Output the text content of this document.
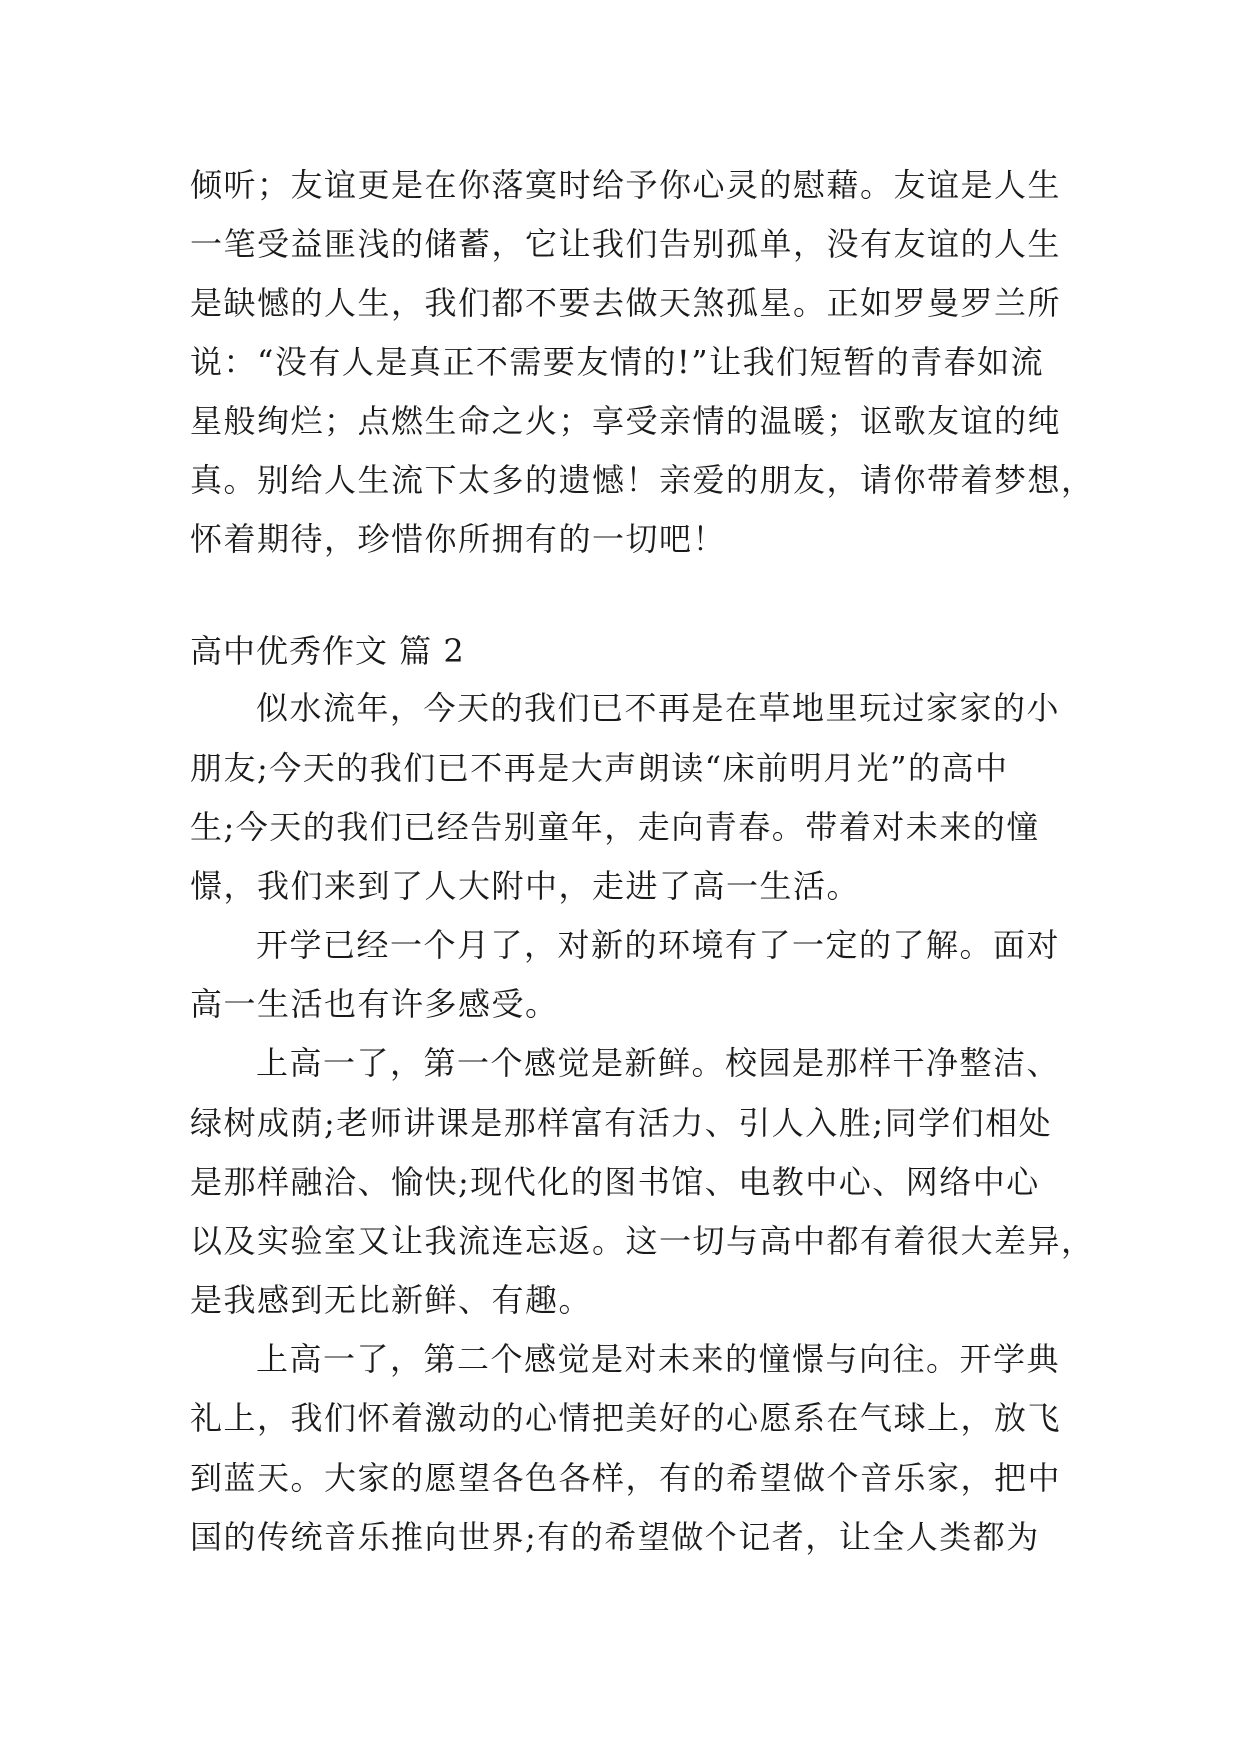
倾听；友谊更是在你落寞时给予你心灵的慰藉。友谊是人生
一笔受益匪浅的储蓄，它让我们告别孤单，没有友谊的人生
是缺憾的人生，我们都不要去做天煞孤星。正如罗曼罗兰所
说：“没有人是真正不需要友情的!”让我们短暂的青春如流
星般绚烂；点燃生命之火；享受亲情的温暖；讴歌友谊的纯
真。别给人生流下太多的遗憾！亲爱的朋友，请你带着梦想，
怀着期待，珍惜你所拥有的一切吧！
高中优秀作文 篇 2
似水流年，今天的我们已不再是在草地里玩过家家的小
朋友;今天的我们已不再是大声朗读“床前明月光”的高中
生;今天的我们已经告别童年，走向青春。带着对未来的憧
憬，我们来到了人大附中，走进了高一生活。
开学已经一个月了，对新的环境有了一定的了解。面对
高一生活也有许多感受。
上高一了，第一个感觉是新鲜。校园是那样干净整洁、
绿树成荫;老师讲课是那样富有活力、引人入胜;同学们相处
是那样融洽、愉快;现代化的图书馆、电教中心、网络中心
以及实验室又让我流连忘返。这一切与高中都有着很大差异，
是我感到无比新鲜、有趣。
上高一了，第二个感觉是对未来的憧憬与向往。开学典
礼上，我们怀着激动的心情把美好的心愿系在气球上，放飞
到蓝天。大家的愿望各色各样，有的希望做个音乐家，把中
国的传统音乐推向世界;有的希望做个记者，让全人类都为
